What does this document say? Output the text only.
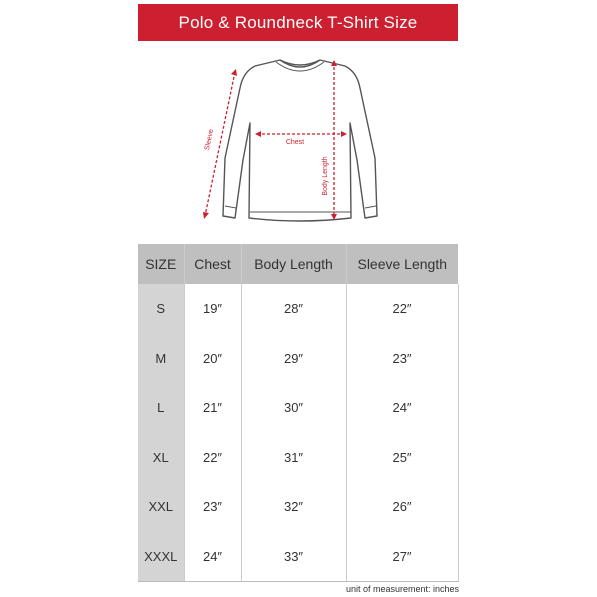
Polo & Roundneck T-Shirt Size
Chest
Body Length
Sleeve
SIZE	Chest	Body Length	Sleeve Length
S	19″	28″	22″
M	20″	29″	23″
L	21″	30″	24″
XL	22″	31″	25″
XXL	23″	32″	26″
XXXL	24″	33″	27″
unit of measurement: inches
